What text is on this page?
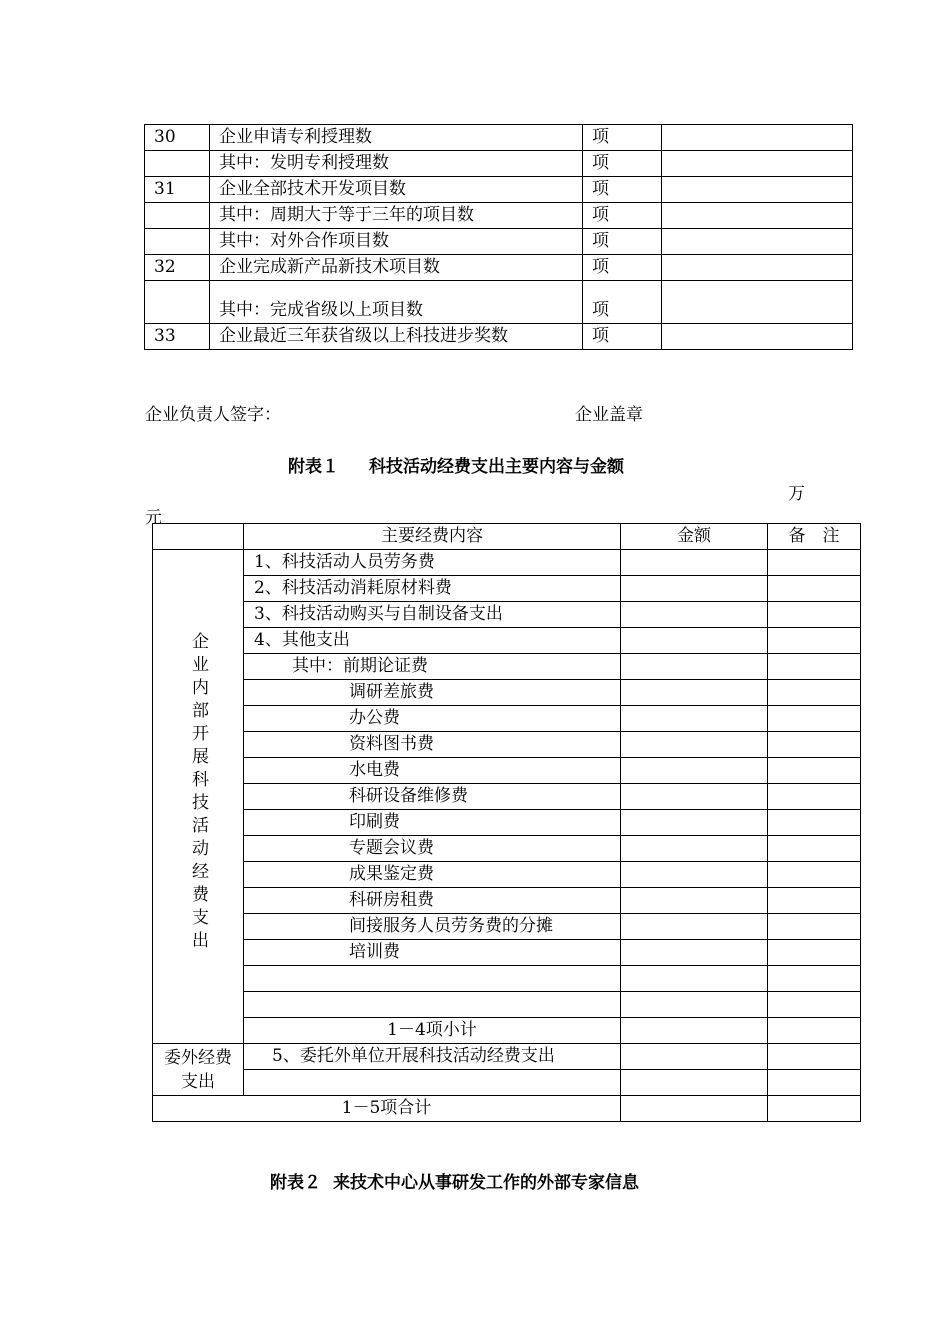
30	企业申请专利授理数	项	
	其中：发明专利授理数	项	
31	企业全部技术开发项目数	项	
	其中：周期大于等于三年的项目数	项	
	其中：对外合作项目数	项	
32	企业完成新产品新技术项目数	项	
	其中：完成省级以上项目数	项	
33	企业最近三年获省级以上科技进步奖数	项	
企业负责人签字：	企业盖章
附表１ 科技活动经费支出主要内容与金额
万
元
	主要经费内容	金额	备　注
企业内部开展科技活动经费支出	1、科技活动人员劳务费		
	2、科技活动消耗原材料费		
	3、科技活动购买与自制设备支出		
	4、其他支出		
	其中：前期论证费		
	调研差旅费		
	办公费		
	资料图书费		
	水电费		
	科研设备维修费		
	印刷费		
	专题会议费		
	成果鉴定费		
	科研房租费		
	间接服务人员劳务费的分摊		
	培训费		

	1－4项小计		
委外经费支出	5、委托外单位开展科技活动经费支出		

1－5项合计			
附表２ 来技术中心从事研发工作的外部专家信息
